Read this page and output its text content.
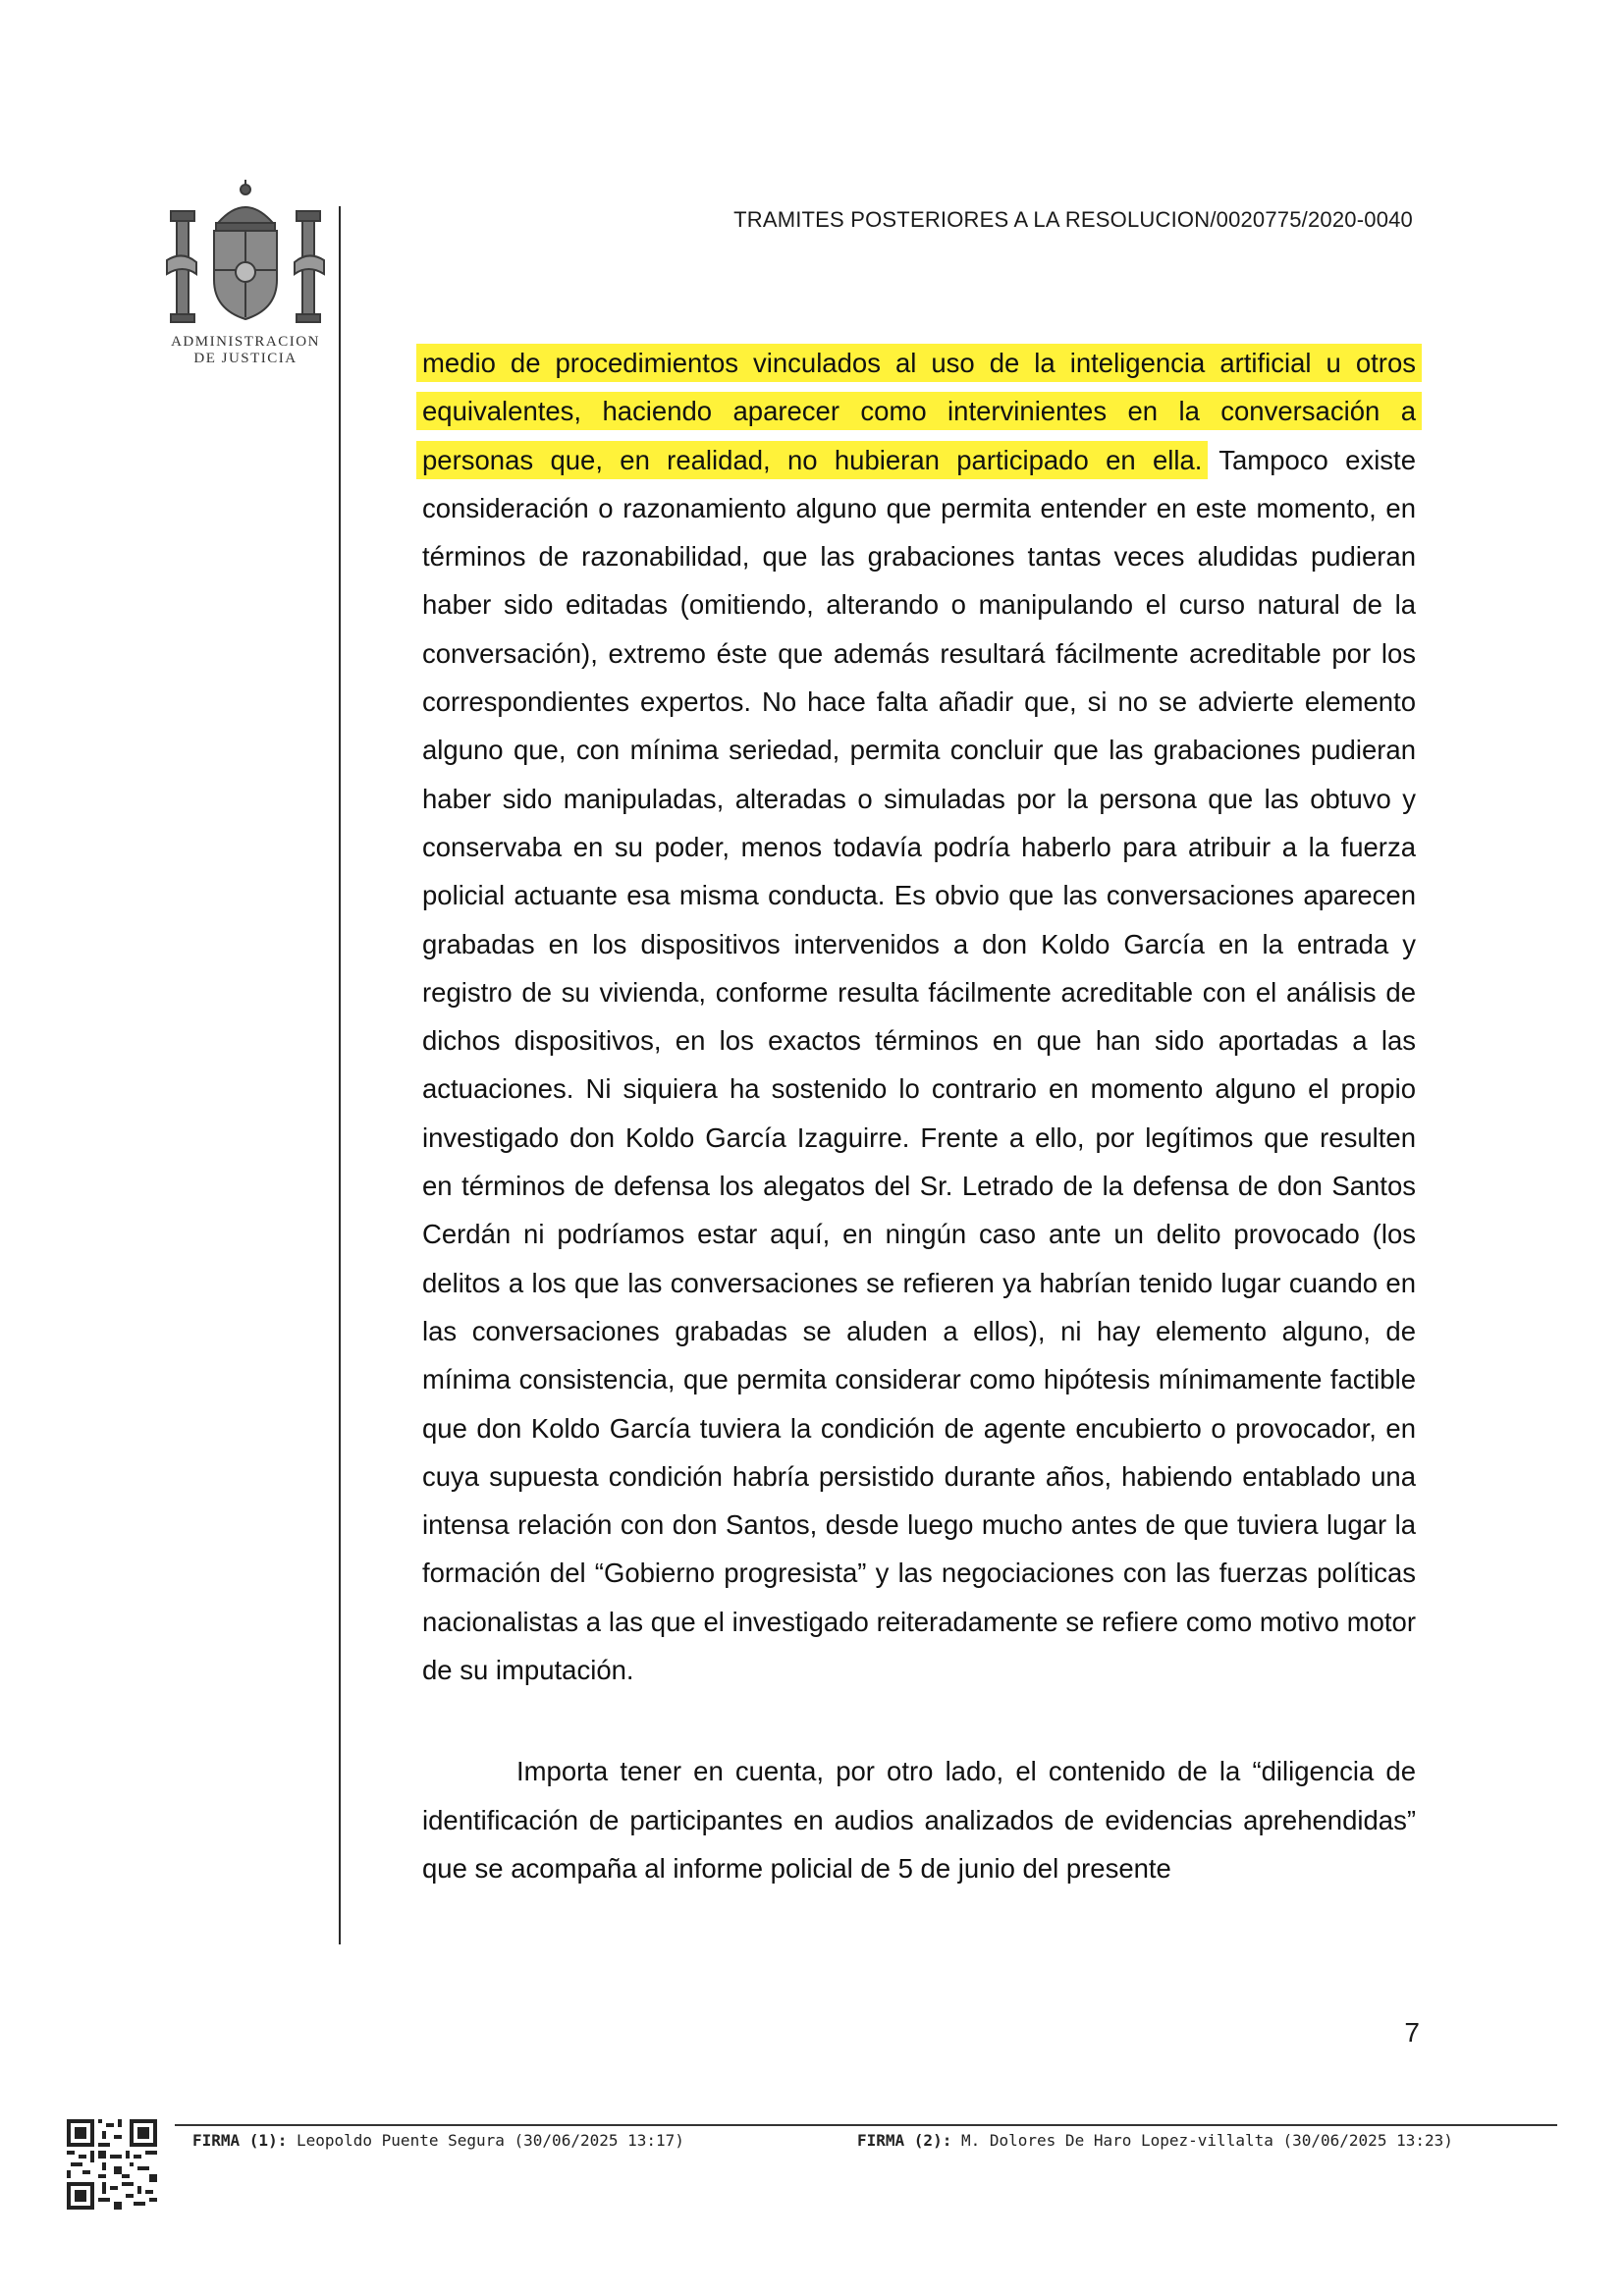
ADMINISTRACION
DE JUSTICIA
TRAMITES POSTERIORES A LA RESOLUCION/0020775/2020-0040

medio de procedimientos vinculados al uso de la inteligencia artificial u otros equivalentes, haciendo aparecer como intervinientes en la conversación a personas que, en realidad, no hubieran participado en ella. Tampoco existe consideración o razonamiento alguno que permita entender en este momento, en términos de razonabilidad, que las grabaciones tantas veces aludidas pudieran haber sido editadas (omitiendo, alterando o manipulando el curso natural de la conversación), extremo éste que además resultará fácilmente acreditable por los correspondientes expertos. No hace falta añadir que, si no se advierte elemento alguno que, con mínima seriedad, permita concluir que las grabaciones pudieran haber sido manipuladas, alteradas o simuladas por la persona que las obtuvo y conservaba en su poder, menos todavía podría haberlo para atribuir a la fuerza policial actuante esa misma conducta. Es obvio que las conversaciones aparecen grabadas en los dispositivos intervenidos a don Koldo García en la entrada y registro de su vivienda, conforme resulta fácilmente acreditable con el análisis de dichos dispositivos, en los exactos términos en que han sido aportadas a las actuaciones. Ni siquiera ha sostenido lo contrario en momento alguno el propio investigado don Koldo García Izaguirre. Frente a ello, por legítimos que resulten en términos de defensa los alegatos del Sr. Letrado de la defensa de don Santos Cerdán ni podríamos estar aquí, en ningún caso ante un delito provocado (los delitos a los que las conversaciones se refieren ya habrían tenido lugar cuando en las conversaciones grabadas se aluden a ellos), ni hay elemento alguno, de mínima consistencia, que permita considerar como hipótesis mínimamente factible que don Koldo García tuviera la condición de agente encubierto o provocador, en cuya supuesta condición habría persistido durante años, habiendo entablado una intensa relación con don Santos, desde luego mucho antes de que tuviera lugar la formación del “Gobierno progresista” y las negociaciones con las fuerzas políticas nacionalistas a las que el investigado reiteradamente se refiere como motivo motor de su imputación.

Importa tener en cuenta, por otro lado, el contenido de la “diligencia de identificación de participantes en audios analizados de evidencias aprehendidas” que se acompaña al informe policial de 5 de junio del presente

7
FIRMA (1): Leopoldo Puente Segura (30/06/2025 13:17)	FIRMA (2): M. Dolores De Haro Lopez-villalta (30/06/2025 13:23)
